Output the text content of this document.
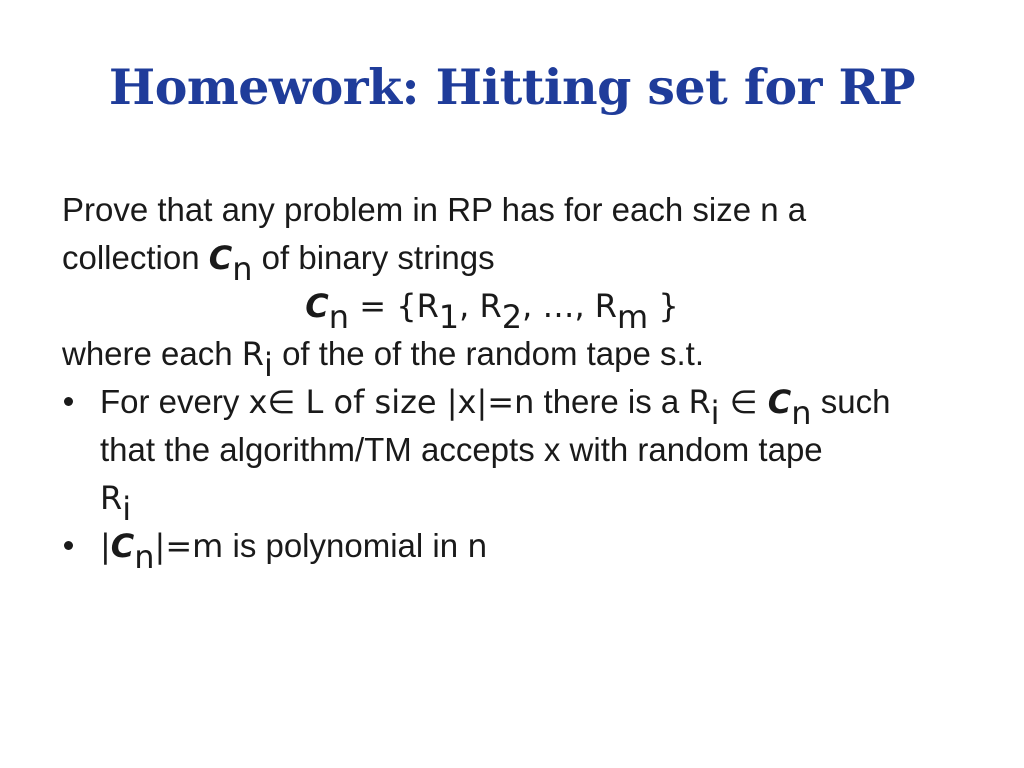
Homework: Hitting set for RP
Prove that any problem in RP has for each size n a
collection $C_n$ of binary strings
$C_n = \{R_1$, $R_2$, …, $R_m$ }
where each $R_i$ of the of the random tape s.t.
For every x∈ L of size |x|=n there is a $R_i$ ∈ $C_n$ such
that the algorithm/TM accepts x with random tape
$R_i$
$|C_n|=m$ is polynomial in n
